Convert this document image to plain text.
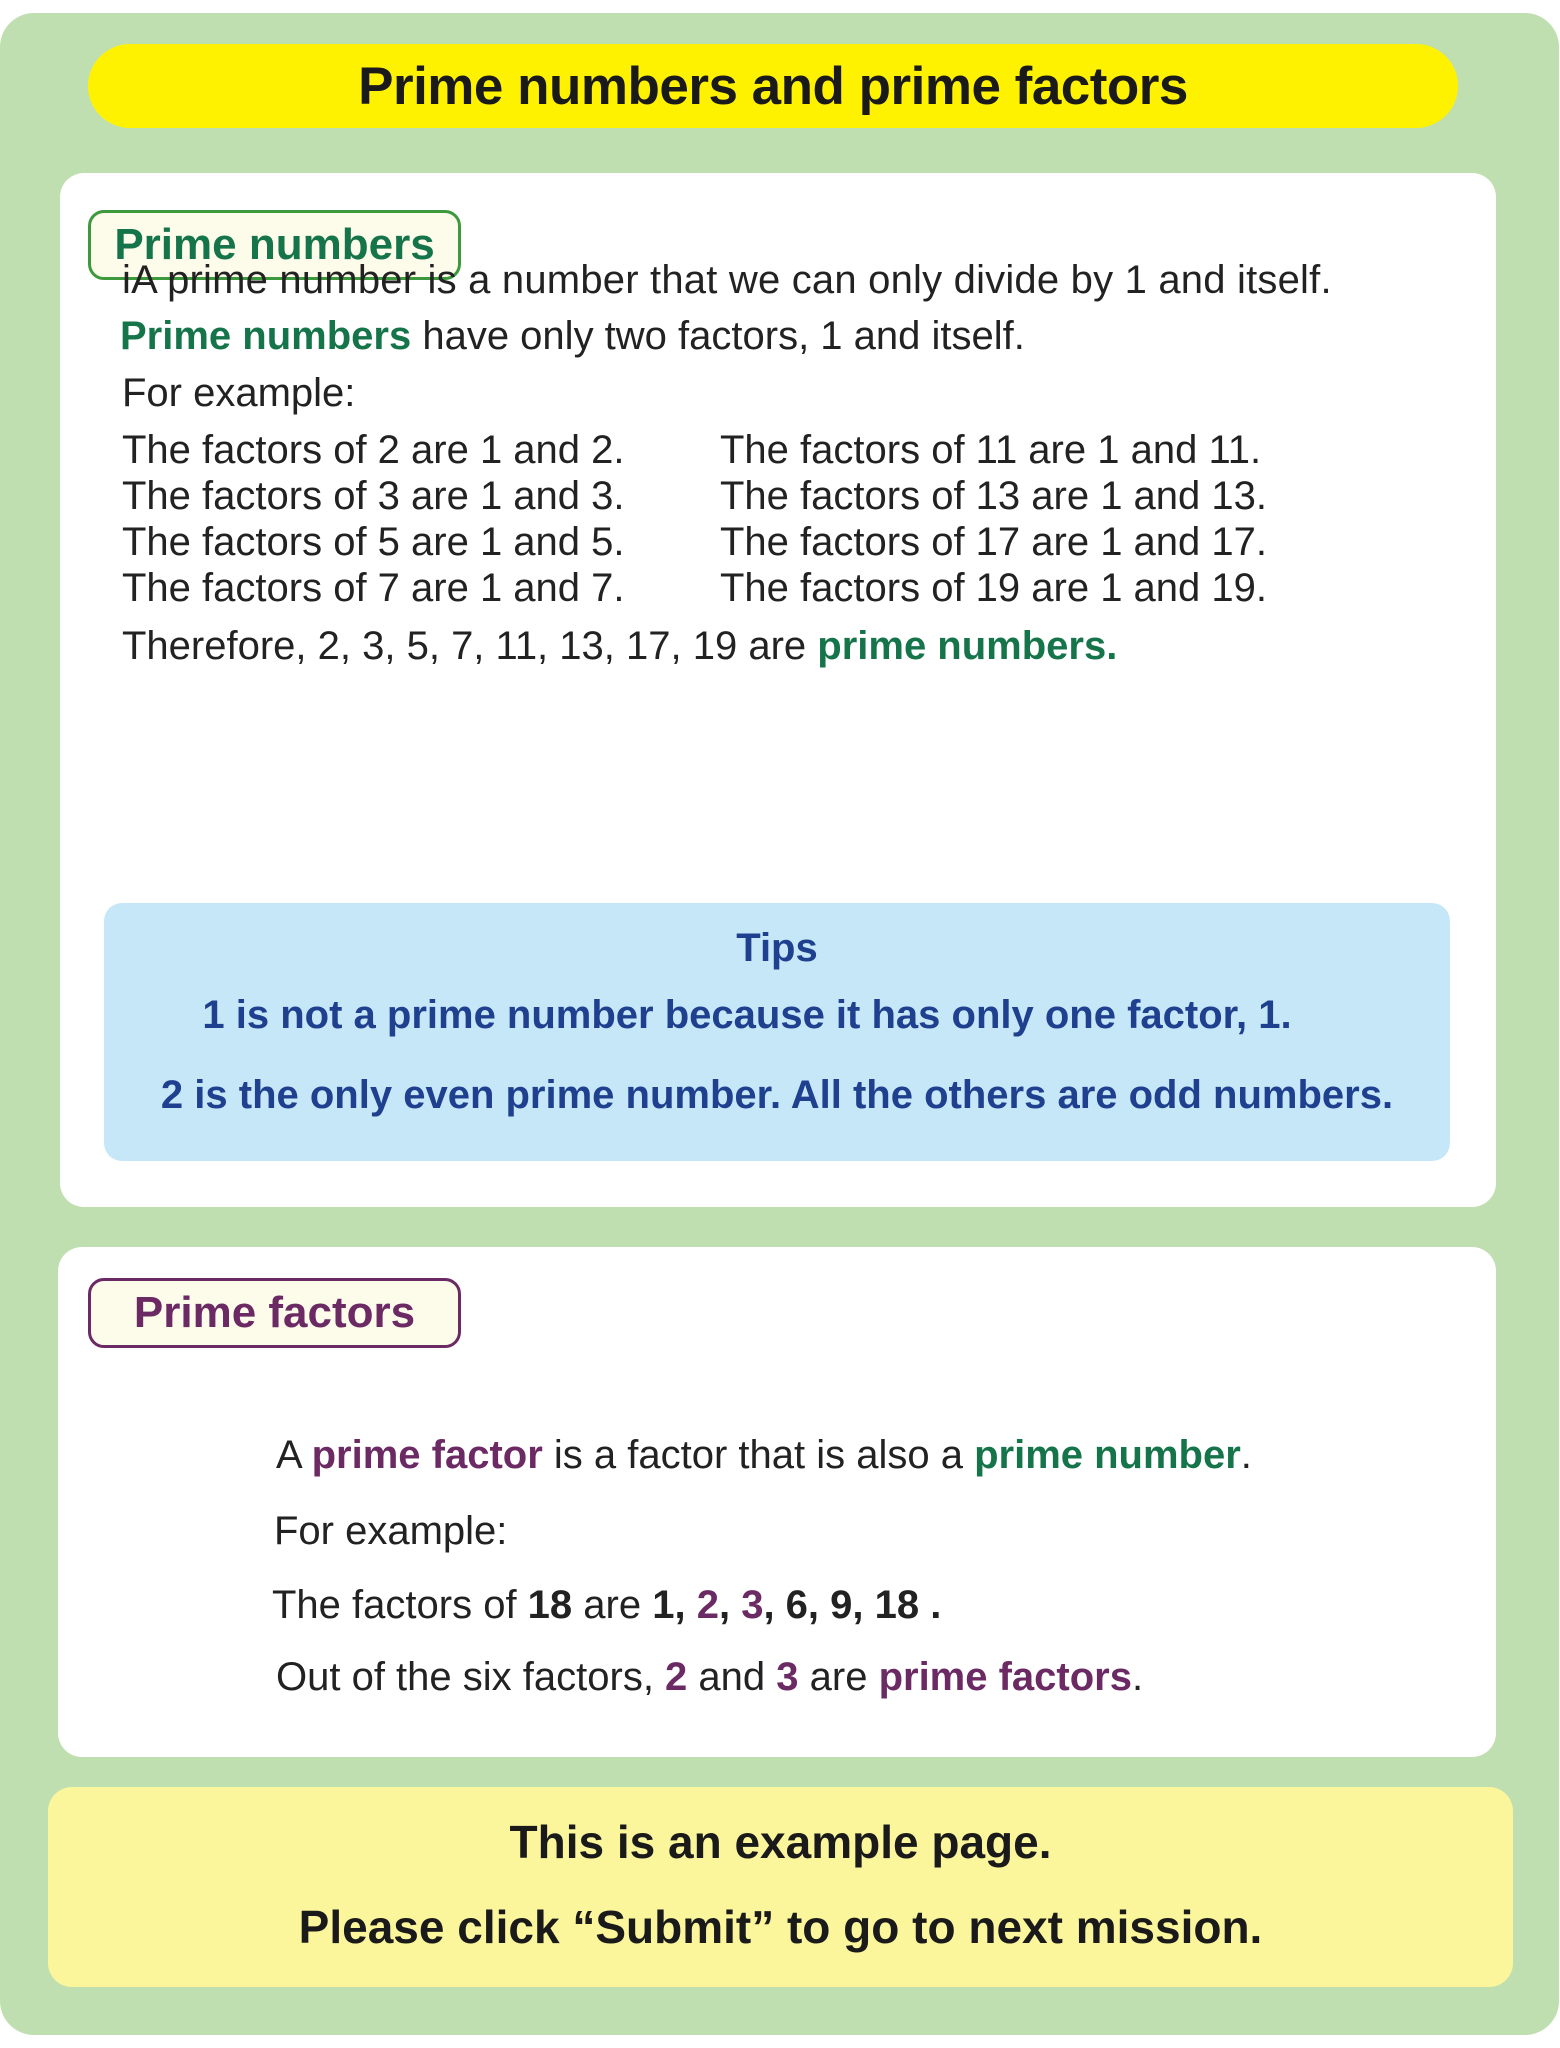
Prime numbers and prime factors
Prime numbers
iA prime number is a number that we can only divide by 1 and itself.
Prime numbers have only two factors, 1 and itself.
For example:
The factors of 2 are 1 and 2.
The factors of 3 are 1 and 3.
The factors of 5 are 1 and 5.
The factors of 7 are 1 and 7.
The factors of 11 are 1 and 11.
The factors of 13 are 1 and 13.
The factors of 17 are 1 and 17.
The factors of 19 are 1 and 19.
Therefore, 2, 3, 5, 7, 11, 13, 17, 19 are prime numbers.
Tips
1 is not a prime number because it has only one factor, 1.
2 is the only even prime number. All the others are odd numbers.
Prime factors
A prime factor is a factor that is also a prime number.
For example:
The factors of 18 are 1, 2, 3, 6, 9, 18 .
Out of the six factors, 2 and 3 are prime factors.
This is an example page.
Please click “Submit” to go to next mission.
